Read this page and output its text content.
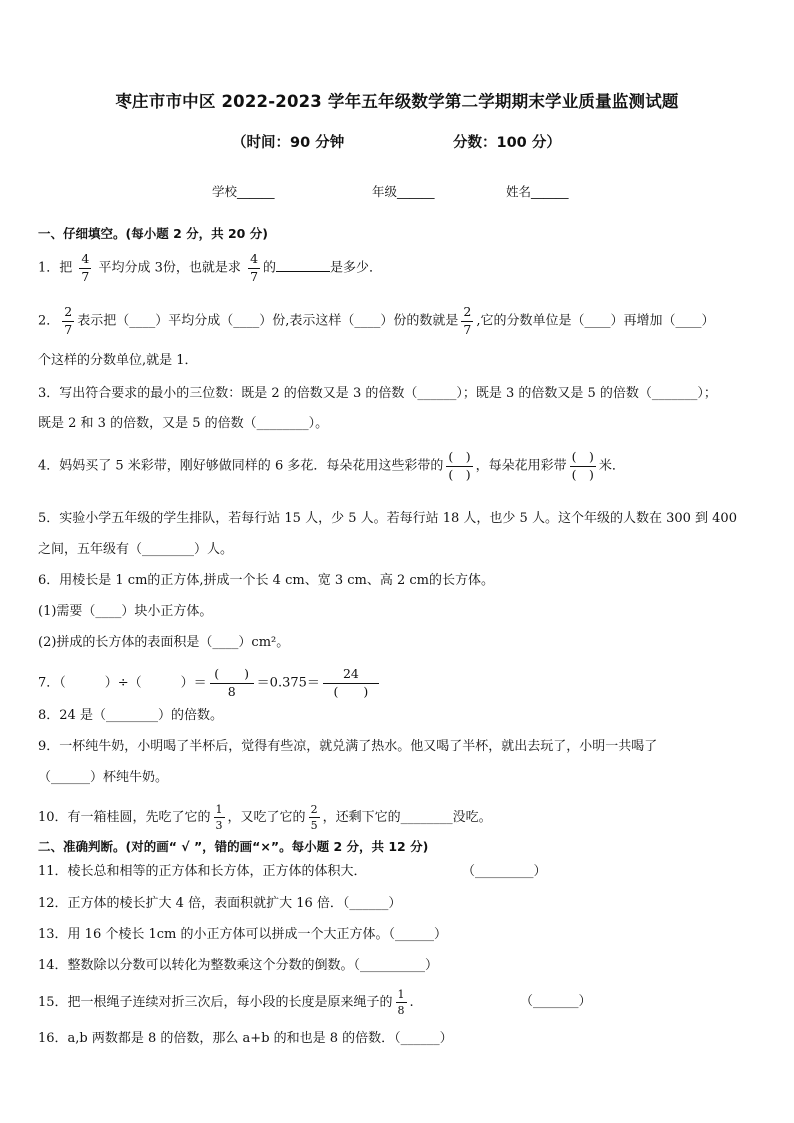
枣庄市市中区 2022-2023 学年五年级数学第二学期期末学业质量监测试题
（时间：90 分钟	分数：100 分）
学校______	年级______	姓名______
一、仔细填空。(每小题 2 分，共 20 分)
1．把 $\frac{4}{7}$ 平均分成 3份，也就是求 $\frac{4}{7}$ 的	是多少．
2． $\frac{2}{7}$ 表示把（____）平均分成（____）份,表示这样（____）份的数就是 $\frac{2}{7}$ ,它的分数单位是（____）再增加（____）
个这样的分数单位,就是 1．
3．写出符合要求的最小的三位数：既是 2 的倍数又是 3 的倍数（______）；既是 3 的倍数又是 5 的倍数（_______）；
既是 2 和 3 的倍数，又是 5 的倍数（________）。
4．妈妈买了 5 米彩带，刚好够做同样的 6 多花．每朵花用这些彩带的 $\frac{( )}{( )}$ ，每朵花用彩带 $\frac{( )}{( )}$ 米．
5．实验小学五年级的学生排队，若每行站 15 人，少 5 人。若每行站 18 人，也少 5 人。这个年级的人数在 300 到 400
之间，五年级有（________）人。
6．用棱长是 1 cm的正方体,拼成一个长 4 cm、宽 3 cm、高 2 cm的长方体。
(1)需要（____）块小正方体。
(2)拼成的长方体的表面积是（____）cm²。
7．（　　　）÷（　　　）＝ $\frac{( )}{8} =0.375= \frac{24}{( )}$
8．24 是（________）的倍数。
9．一杯纯牛奶，小明喝了半杯后，觉得有些凉，就兑满了热水。他又喝了半杯，就出去玩了，小明一共喝了
（______）杯纯牛奶。
10．有一箱桂圆，先吃了它的 $\frac{1}{3}$ ，又吃了它的 $\frac{2}{5}$ ，还剩下它的________没吃。
二、准确判断。(对的画“ √ ”，错的画“×”。每小题 2 分，共 12 分)
11．棱长总和相等的正方体和长方体，正方体的体积大．	（_________）
12．正方体的棱长扩大 4 倍，表面积就扩大 16 倍．（______）
13．用 16 个棱长 1cm 的小正方体可以拼成一个大正方体。（______）
14．整数除以分数可以转化为整数乘这个分数的倒数。（__________）
15．把一根绳子连续对折三次后，每小段的长度是原来绳子的 $\frac{1}{8}$ .	（_______）
16．a,b 两数都是 8 的倍数，那么 a+b 的和也是 8 的倍数．（______）
